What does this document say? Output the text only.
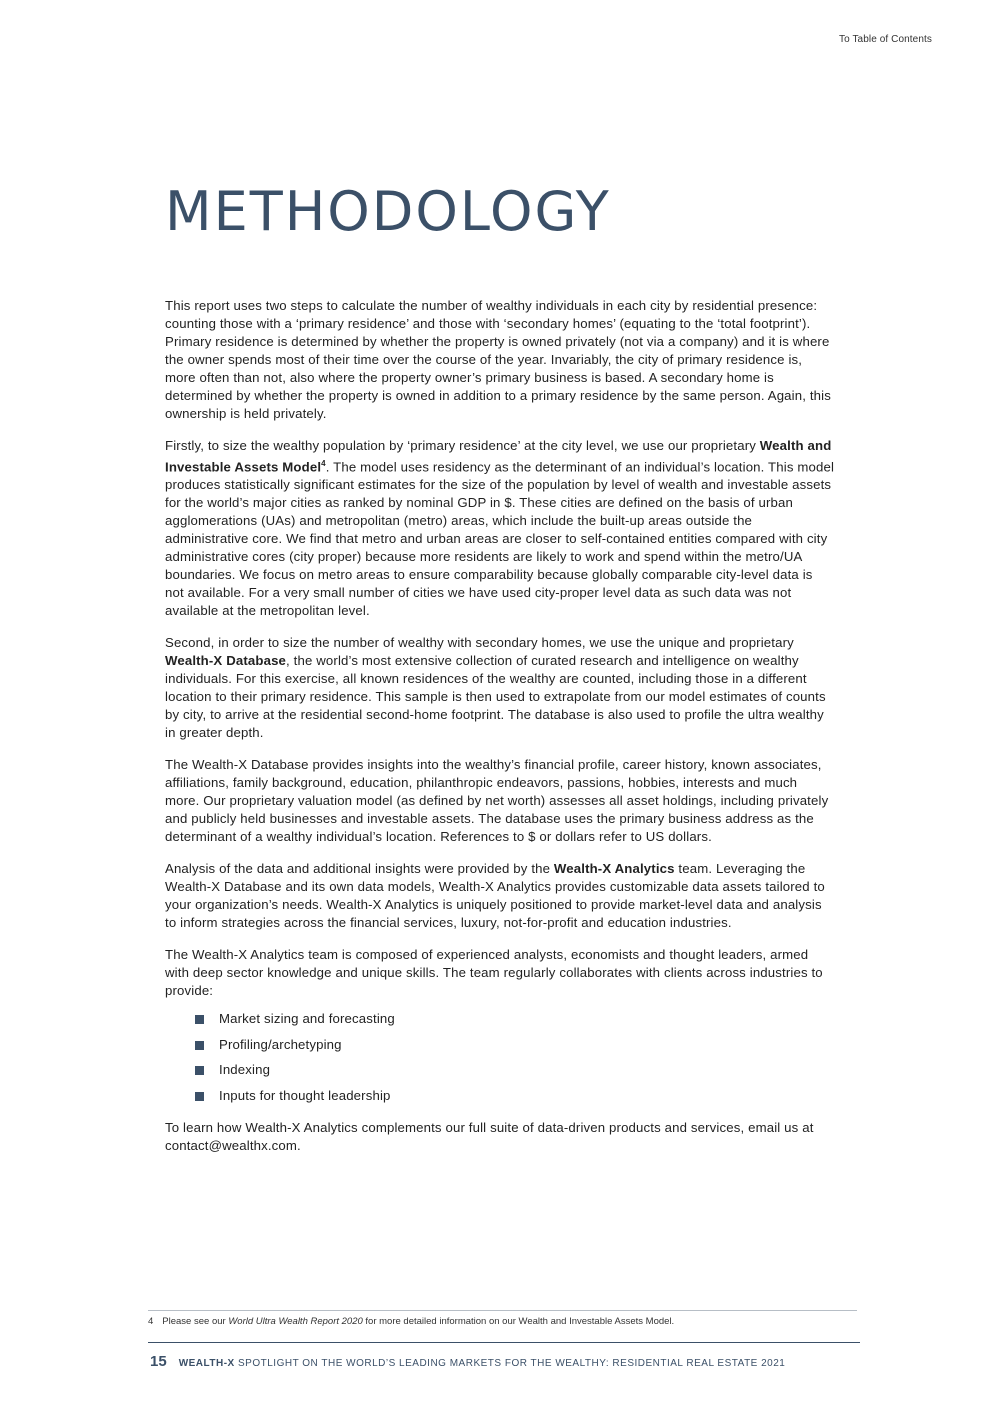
To Table of Contents
METHODOLOGY

This report uses two steps to calculate the number of wealthy individuals in each city by residential presence: counting those with a ‘primary residence’ and those with ‘secondary homes’ (equating to the ‘total footprint’). Primary residence is determined by whether the property is owned privately (not via a company) and it is where the owner spends most of their time over the course of the year. Invariably, the city of primary residence is, more often than not, also where the property owner’s primary business is based. A secondary home is determined by whether the property is owned in addition to a primary residence by the same person. Again, this ownership is held privately.

Firstly, to size the wealthy population by ‘primary residence’ at the city level, we use our proprietary Wealth and Investable Assets Model$^4$. The model uses residency as the determinant of an individual’s location. This model produces statistically significant estimates for the size of the population by level of wealth and investable assets for the world’s major cities as ranked by nominal GDP in $. These cities are defined on the basis of urban agglomerations (UAs) and metropolitan (metro) areas, which include the built-up areas outside the administrative core. We find that metro and urban areas are closer to self-contained entities compared with city administrative cores (city proper) because more residents are likely to work and spend within the metro/UA boundaries. We focus on metro areas to ensure comparability because globally comparable city-level data is not available. For a very small number of cities we have used city-proper level data as such data was not available at the metropolitan level.

Second, in order to size the number of wealthy with secondary homes, we use the unique and proprietary Wealth-X Database, the world’s most extensive collection of curated research and intelligence on wealthy individuals. For this exercise, all known residences of the wealthy are counted, including those in a different location to their primary residence. This sample is then used to extrapolate from our model estimates of counts by city, to arrive at the residential second-home footprint. The database is also used to profile the ultra wealthy in greater depth.

The Wealth-X Database provides insights into the wealthy’s financial profile, career history, known associates, affiliations, family background, education, philanthropic endeavors, passions, hobbies, interests and much more. Our proprietary valuation model (as defined by net worth) assesses all asset holdings, including privately and publicly held businesses and investable assets. The database uses the primary business address as the determinant of a wealthy individual’s location. References to $ or dollars refer to US dollars.

Analysis of the data and additional insights were provided by the Wealth-X Analytics team. Leveraging the Wealth-X Database and its own data models, Wealth-X Analytics provides customizable data assets tailored to your organization’s needs. Wealth-X Analytics is uniquely positioned to provide market-level data and analysis to inform strategies across the financial services, luxury, not-for-profit and education industries.

The Wealth-X Analytics team is composed of experienced analysts, economists and thought leaders, armed with deep sector knowledge and unique skills. The team regularly collaborates with clients across industries to provide:

Market sizing and forecasting
Profiling/archetyping
Indexing
Inputs for thought leadership

To learn how Wealth-X Analytics complements our full suite of data-driven products and services, email us at contact@wealthx.com.

4 Please see our World Ultra Wealth Report 2020 for more detailed information on our Wealth and Investable Assets Model.
15 WEALTH-X SPOTLIGHT ON THE WORLD’S LEADING MARKETS FOR THE WEALTHY: RESIDENTIAL REAL ESTATE 2021
